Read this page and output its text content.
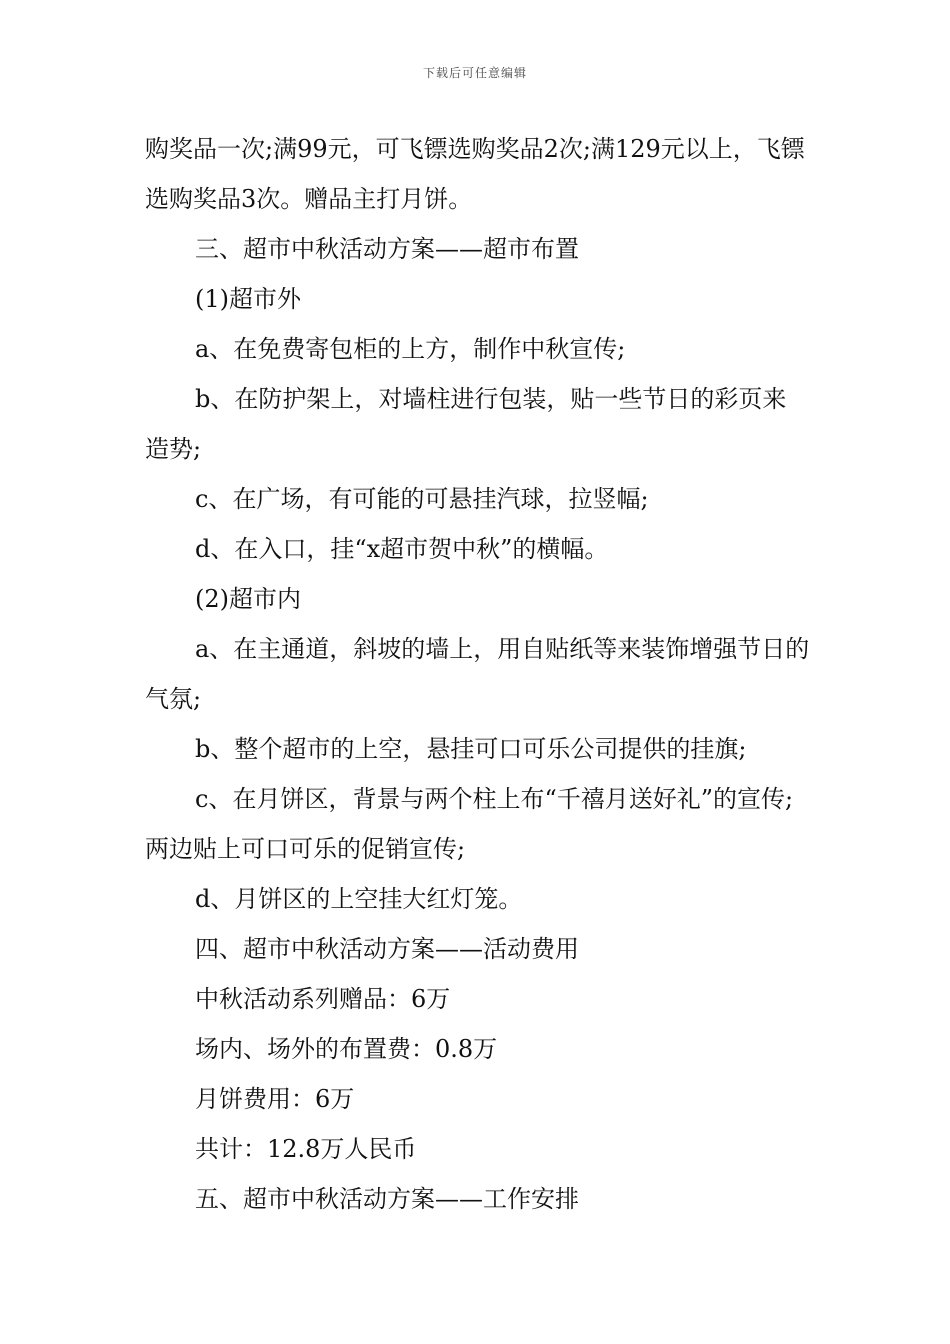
下载后可任意编辑

购奖品一次;满99元，可飞镖选购奖品2次;满129元以上，飞镖选购奖品3次。赠品主打月饼。

三、超市中秋活动方案——超市布置

(1)超市外

a、在免费寄包柜的上方，制作中秋宣传;

b、在防护架上，对墙柱进行包装，贴一些节日的彩页来造势;

c、在广场，有可能的可悬挂汽球，拉竖幅;

d、在入口，挂“x超市贺中秋”的横幅。

(2)超市内

a、在主通道，斜坡的墙上，用自贴纸等来装饰增强节日的气氛;

b、整个超市的上空，悬挂可口可乐公司提供的挂旗;

c、在月饼区，背景与两个柱上布“千禧月送好礼”的宣传;两边贴上可口可乐的促销宣传;

d、月饼区的上空挂大红灯笼。

四、超市中秋活动方案——活动费用

中秋活动系列赠品：6万

场内、场外的布置费：0.8万

月饼费用：6万

共计：12.8万人民币

五、超市中秋活动方案——工作安排
